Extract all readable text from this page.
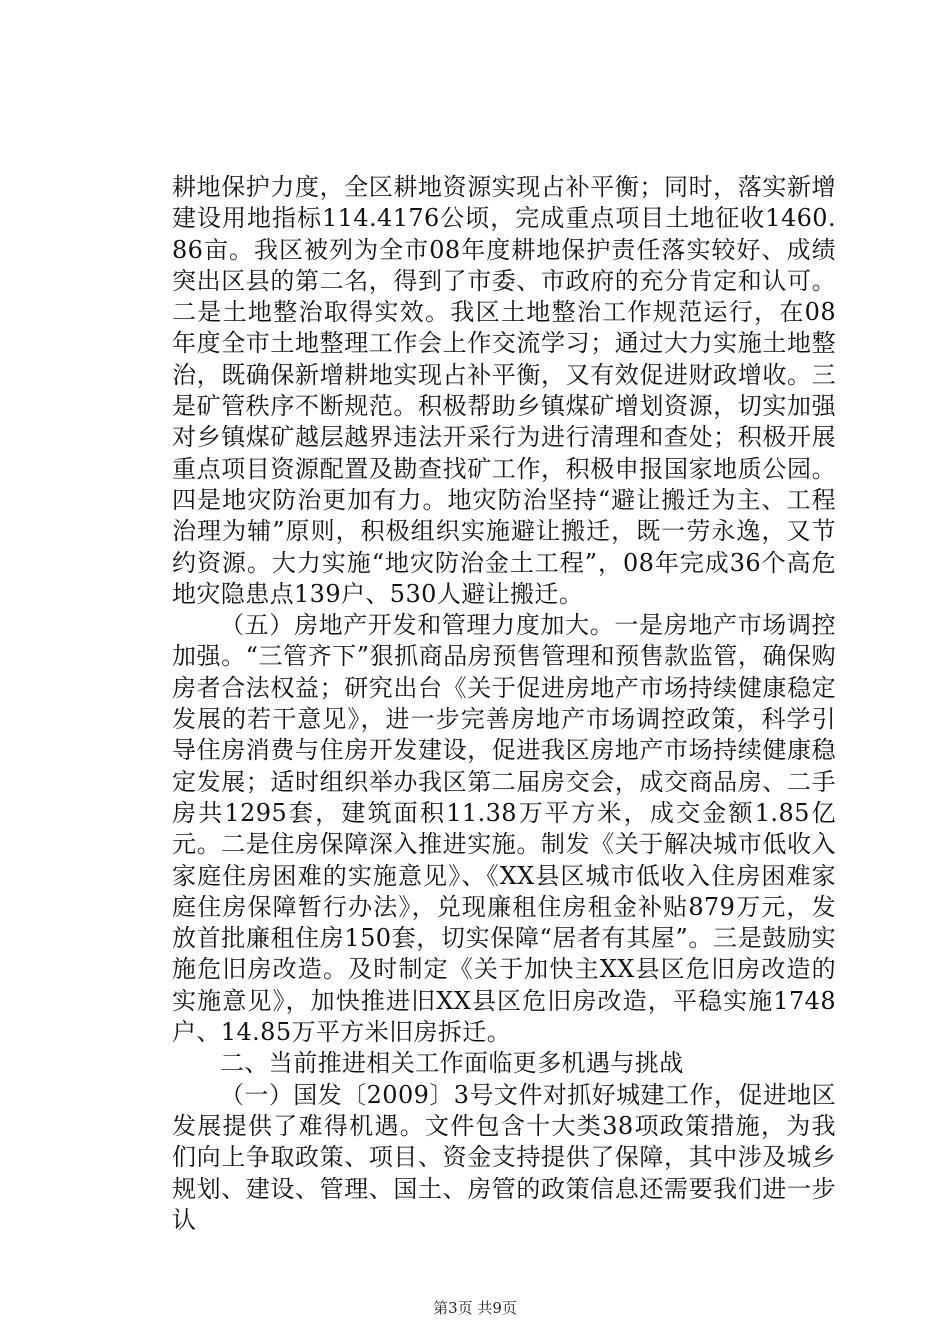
耕地保护力度，全区耕地资源实现占补平衡；同时，落实新增建设用地指标114.4176公顷，完成重点项目土地征收1460.86亩。我区被列为全市08年度耕地保护责任落实较好、成绩突出区县的第二名，得到了市委、市政府的充分肯定和认可。二是土地整治取得实效。我区土地整治工作规范运行，在08年度全市土地整理工作会上作交流学习；通过大力实施土地整治，既确保新增耕地实现占补平衡，又有效促进财政增收。三是矿管秩序不断规范。积极帮助乡镇煤矿增划资源，切实加强对乡镇煤矿越层越界违法开采行为进行清理和查处；积极开展重点项目资源配置及勘查找矿工作，积极申报国家地质公园。四是地灾防治更加有力。地灾防治坚持“避让搬迁为主、工程治理为辅”原则，积极组织实施避让搬迁，既一劳永逸，又节约资源。大力实施“地灾防治金土工程”，08年完成36个高危地灾隐患点139户、530人避让搬迁。

（五）房地产开发和管理力度加大。一是房地产市场调控加强。“三管齐下”狠抓商品房预售管理和预售款监管，确保购房者合法权益；研究出台《关于促进房地产市场持续健康稳定发展的若干意见》，进一步完善房地产市场调控政策，科学引导住房消费与住房开发建设，促进我区房地产市场持续健康稳定发展；适时组织举办我区第二届房交会，成交商品房、二手房共1295套，建筑面积11.38万平方米，成交金额1.85亿元。二是住房保障深入推进实施。制发《关于解决城市低收入家庭住房困难的实施意见》、《XX县区城市低收入住房困难家庭住房保障暂行办法》，兑现廉租住房租金补贴879万元，发放首批廉租住房150套，切实保障“居者有其屋”。三是鼓励实施危旧房改造。及时制定《关于加快主XX县区危旧房改造的实施意见》，加快推进旧XX县区危旧房改造，平稳实施1748户、14.85万平方米旧房拆迁。

二、当前推进相关工作面临更多机遇与挑战

（一）国发〔2009〕3号文件对抓好城建工作，促进地区发展提供了难得机遇。文件包含十大类38项政策措施，为我们向上争取政策、项目、资金支持提供了保障，其中涉及城乡规划、建设、管理、国土、房管的政策信息还需要我们进一步认

第3页 共9页
